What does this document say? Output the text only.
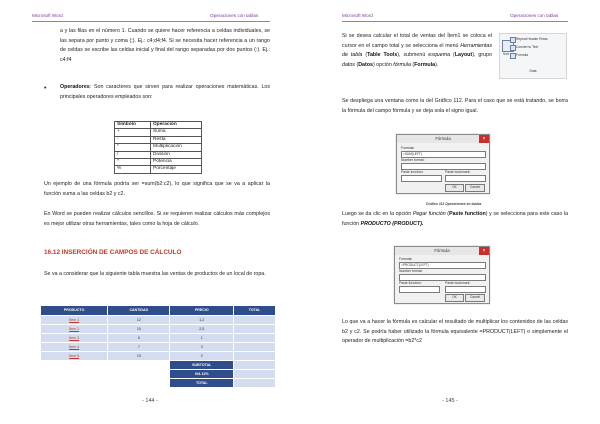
Microsoft Word	Operaciones con tablas

a y las filas en el número 1. Cuando se quiere hacer referencia a celdas individuales, se las separa por punto y coma (;). Ej.: c4;d4;f4. Si se necesita hacer referencia a un rango de celdas se escribe las celdas inicial y final del rango separadas por dos puntos (:). Ej.: c4:f4

•	Operadores: Son caracteres que sirven para realizar operaciones matemáticas. Los principales operadores empleados son:

Símbolo	Operación
+	Suma
-	Resta
*	Multiplicación
/	División
^	Potencia
%	Porcentaje

Un ejemplo de una fórmula podría ser =sum(b2:c2), lo que significa que se va a aplicar la función suma a las celdas b2 y c2.

En Word se pueden realizar cálculos sencillos. Si se requieren realizar cálculos más complejos es mejor utilizar otras herramientas, tales como la hoja de cálculo.

16.12 INSERCIÓN DE CAMPOS DE CÁLCULO

Se va a considerar que la siguiente tabla muestra las ventas de productos de un local de ropa.

PRODUCTO	CANTIDAD	PRECIO	TOTAL
Ítem 1	12	1,2	
Ítem 2	10	2,5	
Ítem 3	5	1	
Ítem 4	7	3	
Ítem 5	10	2	
		SUBTOTAL	
		IVA 12%	
		TOTAL	
- 144 -
Microsoft Word	Operaciones con tablas

Si se desea calcular el total de ventas del Ítem1 se coloca el cursor en el campo total y se selecciona el menú Herramientas de tabla (Table Tools), submenú esquema (Layout), grupo datos (Datos) opción fórmula (Formula).

Sort
Repeat Header Rows
Convert to Text
Formula
Data

Se despliega una ventana como la del Gráfico 112. Para el caso que se está tratando, se borra la fórmula del campo fórmula y se deja sola el signo igual.

Fórmula	×
Formula:
=SUM(LEFT)
Number format:
Paste function:	Paste bookmark:
OK	Cancel
Gráfico 112 Operaciones en tablas

Luego se da clic en la opción Pegar función (Paste function) y se selecciona para este caso la función PRODUCTO (PRODUCT).

Fórmula	×
Formula:
=PRODUCT(LEFT)
Number format:
Paste function:	Paste bookmark:
OK	Cancel

Lo que va a hacer la fórmula es calcular el resultado de multiplicar los contenidos de las celdas b2 y c2. Se podría haber utilizado la fórmula equivalente =PRODUCT(LEFT) o simplemente el operador de multiplicación =b2*c2

- 145 -
